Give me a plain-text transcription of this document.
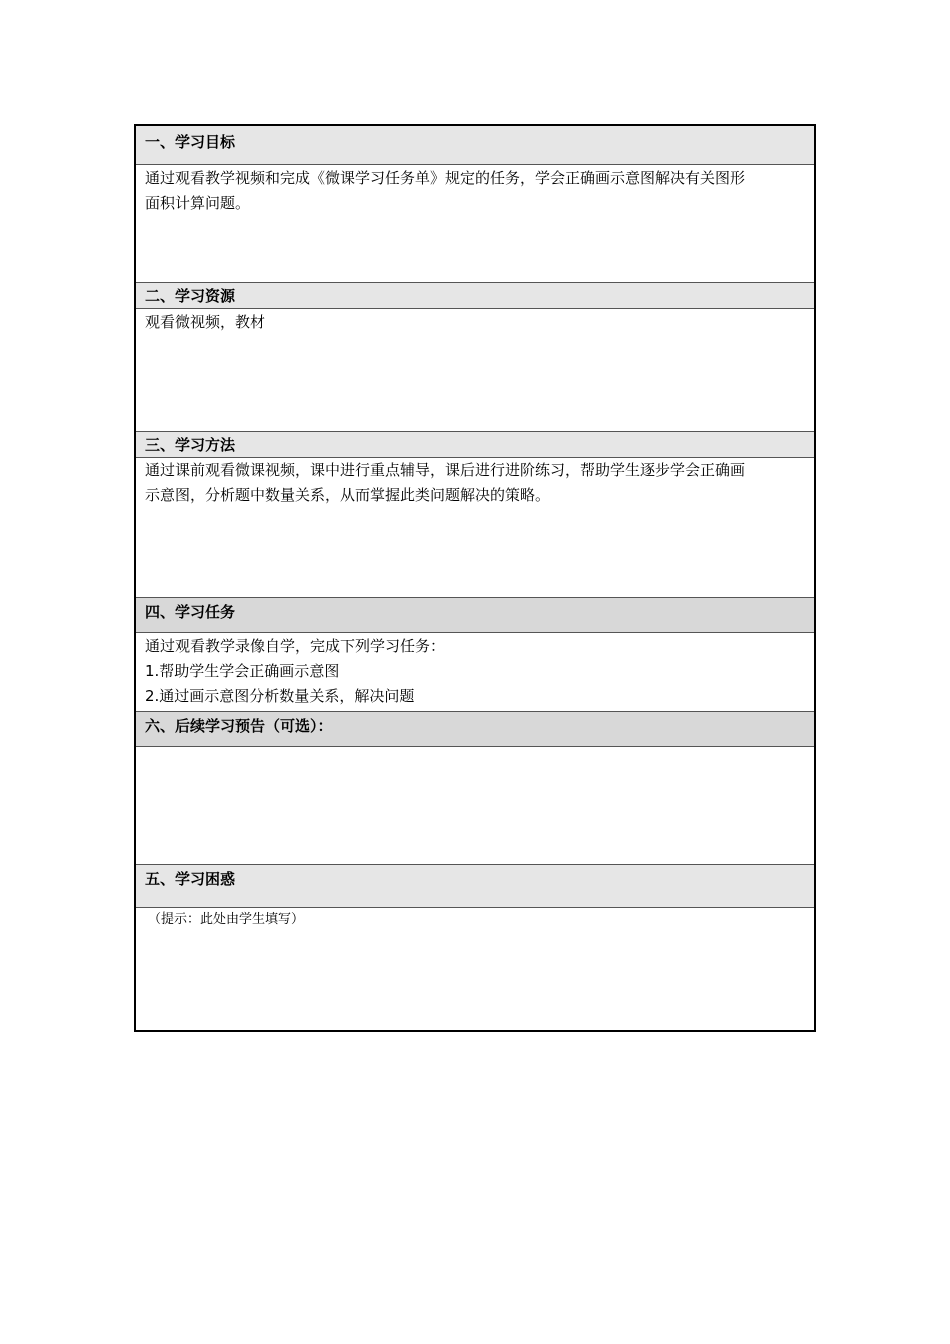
一、学习目标
通过观看教学视频和完成《微课学习任务单》规定的任务，学会正确画示意图解决有关图形
面积计算问题。
二、学习资源
观看微视频，教材
三、学习方法
通过课前观看微课视频，课中进行重点辅导，课后进行进阶练习，帮助学生逐步学会正确画
示意图，分析题中数量关系，从而掌握此类问题解决的策略。
四、学习任务
通过观看教学录像自学，完成下列学习任务：
1.帮助学生学会正确画示意图
2.通过画示意图分析数量关系，解决问题
六、后续学习预告（可选）：
五、学习困惑
（提示：此处由学生填写）
